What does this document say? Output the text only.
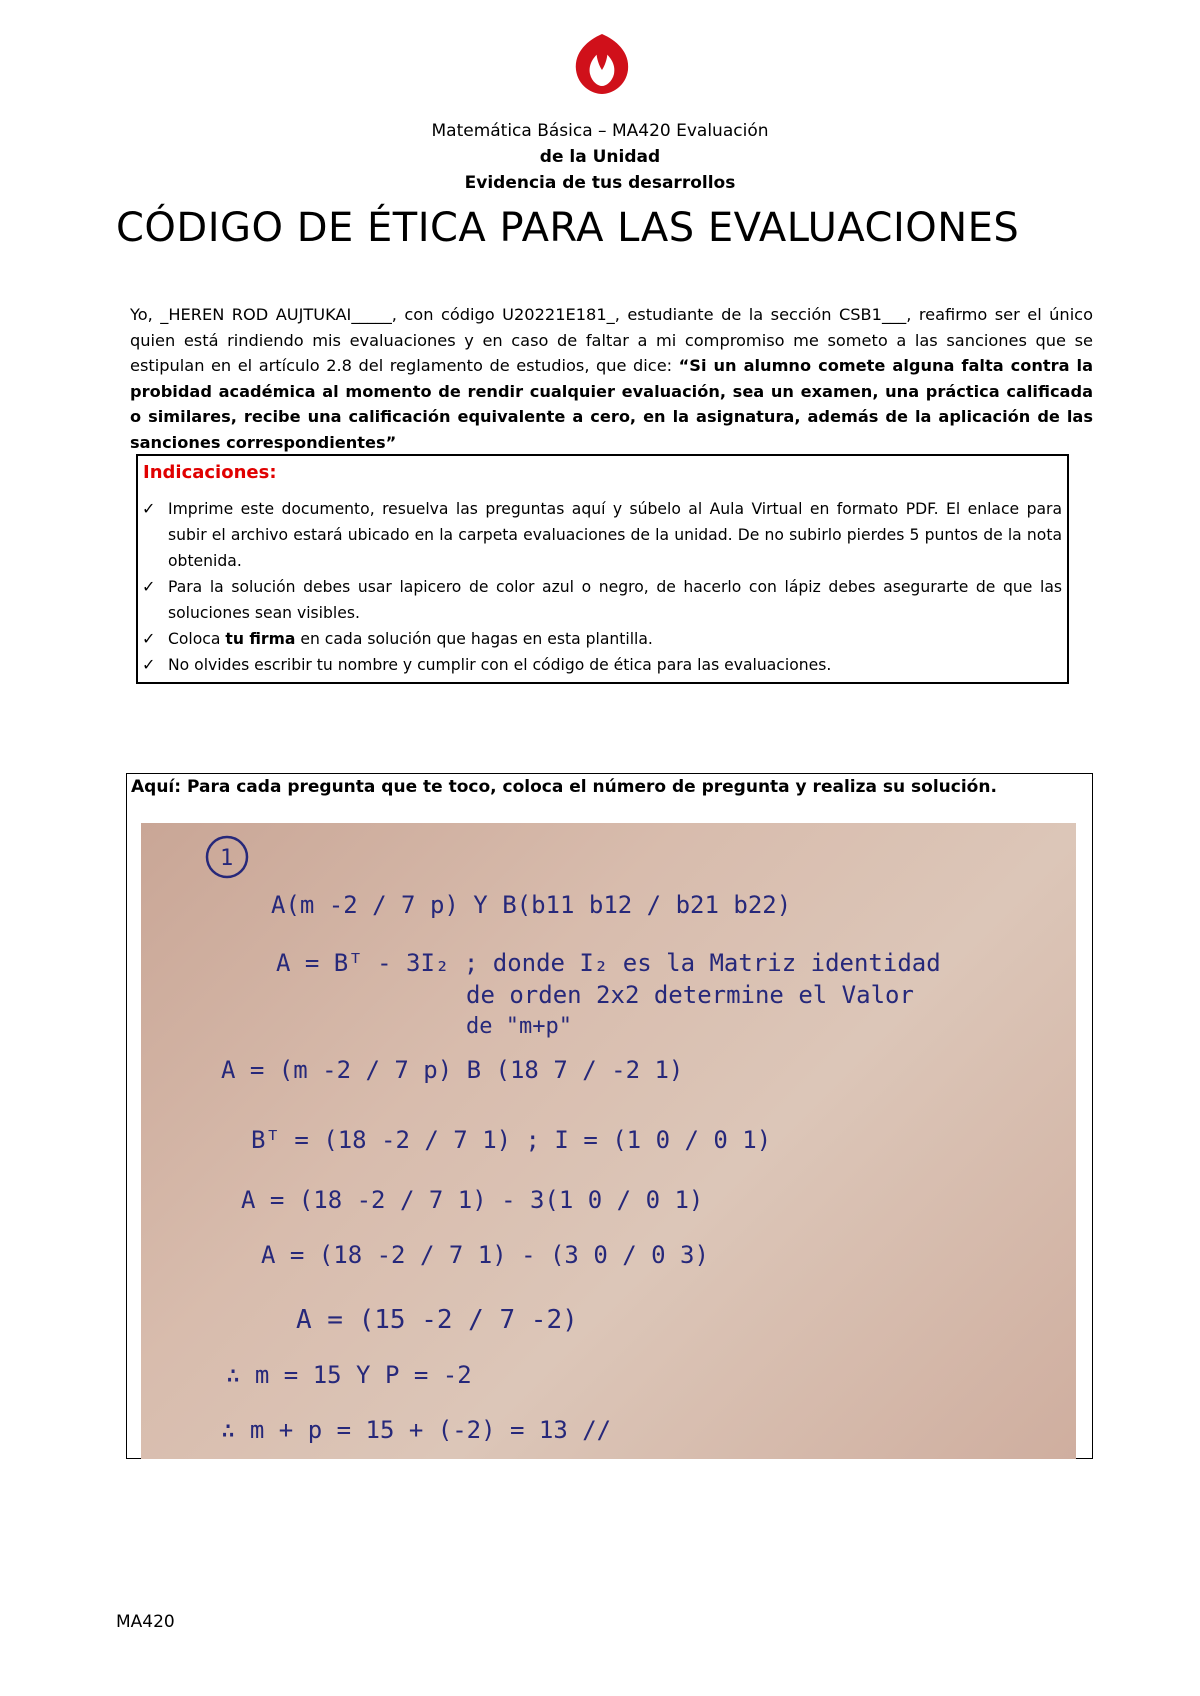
Matemática Básica – MA420 Evaluación
de la Unidad
Evidencia de tus desarrollos
CÓDIGO DE ÉTICA PARA LAS EVALUACIONES
Yo, _HEREN ROD AUJTUKAI_____, con código U20221E181_, estudiante de la sección CSB1___, reafirmo ser el único quien está rindiendo mis evaluaciones y en caso de faltar a mi compromiso me someto a las sanciones que se estipulan en el artículo 2.8 del reglamento de estudios, que dice: “Si un alumno comete alguna falta contra la probidad académica al momento de rendir cualquier evaluación, sea un examen, una práctica calificada o similares, recibe una calificación equivalente a cero, en la asignatura, además de la aplicación de las sanciones correspondientes”
Indicaciones:
✓ Imprime este documento, resuelva las preguntas aquí y súbelo al Aula Virtual en formato PDF. El enlace para subir el archivo estará ubicado en la carpeta evaluaciones de la unidad. De no subirlo pierdes 5 puntos de la nota obtenida.
✓ Para la solución debes usar lapicero de color azul o negro, de hacerlo con lápiz debes asegurarte de que las soluciones sean visibles.
✓ Coloca tu firma en cada solución que hagas en esta plantilla.
✓ No olvides escribir tu nombre y cumplir con el código de ética para las evaluaciones.
Aquí: Para cada pregunta que te toco, coloca el número de pregunta y realiza su solución.
1
A(m -2 / 7 p) Y B(b11 b12 / b21 b22)
A = Bᵀ - 3I₂ ; donde I₂ es la Matriz identidad
de orden 2x2 determine el Valor
de "m+p"
A = (m -2 / 7 p) B (18 7 / -2 1)
Bᵀ = (18 -2 / 7 1) ; I = (1 0 / 0 1)
A = (18 -2 / 7 1) - 3(1 0 / 0 1)
A = (18 -2 / 7 1) - (3 0 / 0 3)
A = (15 -2 / 7 -2)
∴ m = 15 Y P = -2
∴ m + p = 15 + (-2) = 13 //
MA420
